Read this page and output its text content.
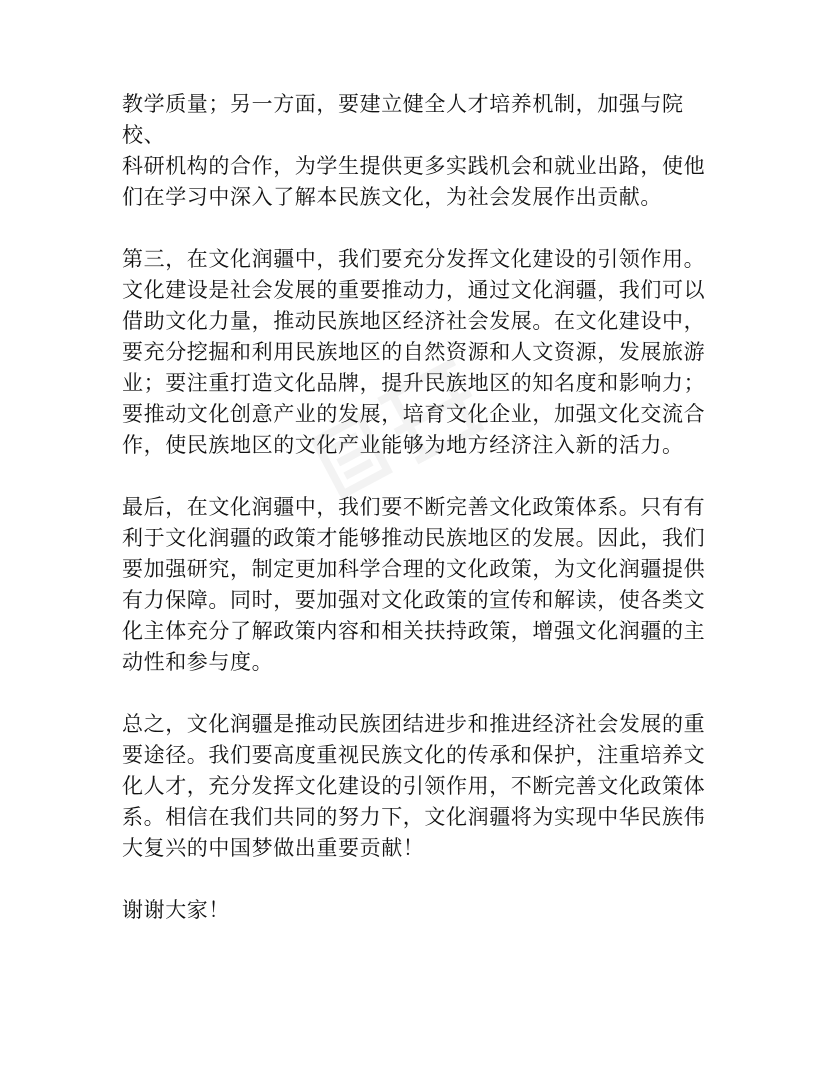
教学质量；另一方面，要建立健全人才培养机制，加强与院校、
科研机构的合作，为学生提供更多实践机会和就业出路，使他
们在学习中深入了解本民族文化，为社会发展作出贡献。

第三，在文化润疆中，我们要充分发挥文化建设的引领作用。
文化建设是社会发展的重要推动力，通过文化润疆，我们可以
借助文化力量，推动民族地区经济社会发展。在文化建设中，
要充分挖掘和利用民族地区的自然资源和人文资源，发展旅游
业；要注重打造文化品牌，提升民族地区的知名度和影响力；
要推动文化创意产业的发展，培育文化企业，加强文化交流合
作，使民族地区的文化产业能够为地方经济注入新的活力。

最后，在文化润疆中，我们要不断完善文化政策体系。只有有
利于文化润疆的政策才能够推动民族地区的发展。因此，我们
要加强研究，制定更加科学合理的文化政策，为文化润疆提供
有力保障。同时，要加强对文化政策的宣传和解读，使各类文
化主体充分了解政策内容和相关扶持政策，增强文化润疆的主
动性和参与度。

总之，文化润疆是推动民族团结进步和推进经济社会发展的重
要途径。我们要高度重视民族文化的传承和保护，注重培养文
化人才，充分发挥文化建设的引领作用，不断完善文化政策体
系。相信在我们共同的努力下，文化润疆将为实现中华民族伟
大复兴的中国梦做出重要贡献！

谢谢大家！
